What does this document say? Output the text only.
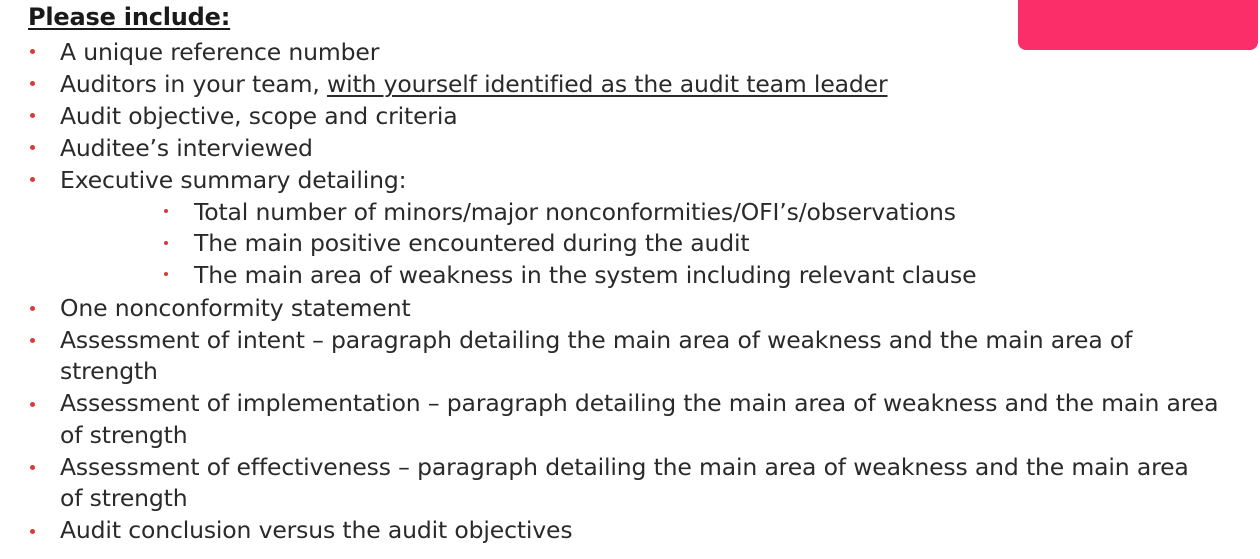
Please include:
A unique reference number
Auditors in your team, with yourself identified as the audit team leader
Audit objective, scope and criteria
Auditee’s interviewed
Executive summary detailing:
Total number of minors/major nonconformities/OFI’s/observations
The main positive encountered during the audit
The main area of weakness in the system including relevant clause
One nonconformity statement
Assessment of intent – paragraph detailing the main area of weakness and the main area of
strength
Assessment of implementation – paragraph detailing the main area of weakness and the main area
of strength
Assessment of effectiveness – paragraph detailing the main area of weakness and the main area
of strength
Audit conclusion versus the audit objectives
